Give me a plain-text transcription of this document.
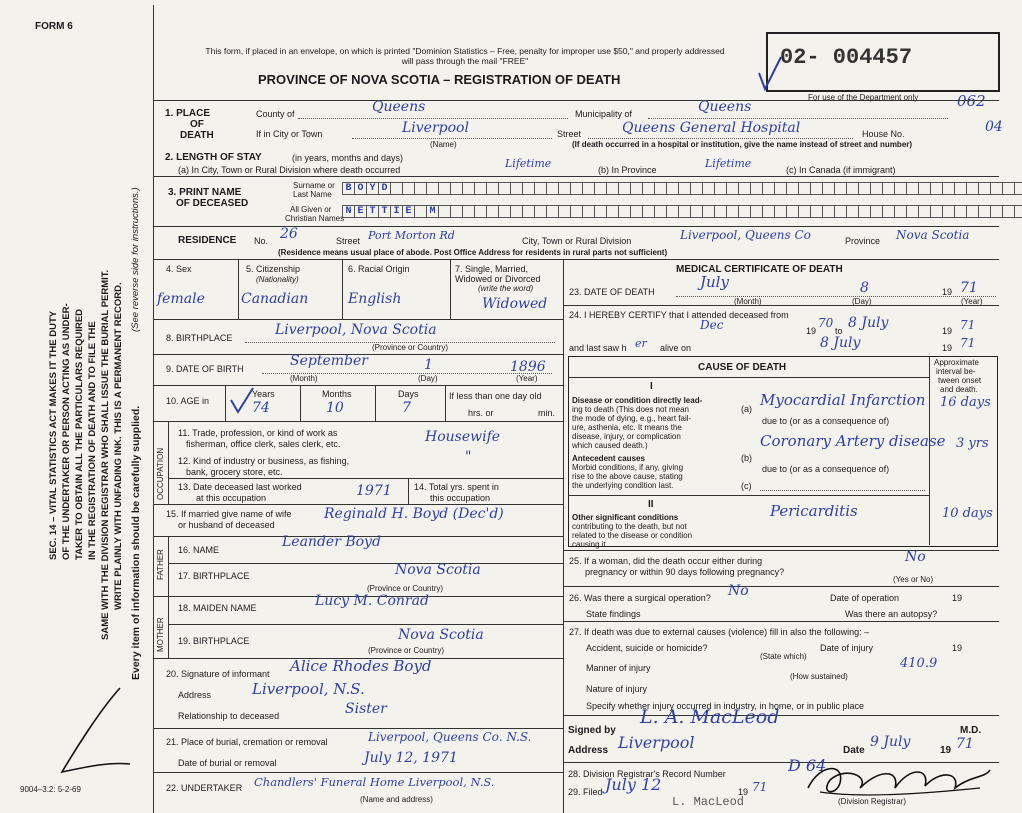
FORM 6
SEC. 14 – VITAL STATISTICS ACT MAKES IT THE DUTY OF THE UNDERTAKER OR PERSON ACTING AS UNDER- TAKER TO OBTAIN ALL THE PARTICULARS REQUIRED IN THE REGISTRATION OF DEATH AND TO FILE THE SAME WITH THE DIVISION REGISTRAR WHO SHALL ISSUE THE BURIAL PERMIT. WRITE PLAINLY WITH UNFADING INK. THIS IS A PERMANENT RECORD. Every item of information should be carefully supplied.
(See reverse side for instructions.)
9004–3.2: 5-2-69
This form, if placed in an envelope, on which is printed "Dominion Statistics – Free, penalty for improper use $50," and properly addressed will pass through the mail "FREE"
PROVINCE OF NOVA SCOTIA – REGISTRATION OF DEATH
02- 004457
For use of the Department only	062
04
1. PLACE
OF
DEATH
County of	Queens	Municipality of	Queens
If in City or Town	Liverpool
(Name)
Street	Queens General Hospital	House No.
(If death occurred in a hospital or institution, give the name instead of street and number)
2. LENGTH OF STAY	(in years, months and days)
(a) In City, Town or Rural Division where death occurred	Lifetime	(b) In Province	Lifetime	(c) In Canada (if immigrant)
3. PRINT NAME
OF DECEASED
Surname or
Last Name
All Given or
Christian Names
B O Y D
N E T T I E	M
RESIDENCE No. 26	Street Port Morton Rd	City, Town or Rural Division	Liverpool, Queens Co	Province Nova Scotia
(Residence means usual place of abode. Post Office Address for residents in rural parts not sufficient)
4. Sex
female
5. Citizenship
(Nationality)
Canadian
6. Racial Origin
English
7. Single, Married,
Widowed or Divorced
(write the word)
Widowed
8. BIRTHPLACE	Liverpool, Nova Scotia
(Province or Country)
9. DATE OF BIRTH	September	1	1896
(Month)	(Day)	(Year)
10. AGE in
Years	Months	Days
74	10	7
If less than one day old
hrs. or	min.
OCCUPATION
11. Trade, profession, or kind of work as
fisherman, office clerk, sales clerk, etc.	Housewife
12. Kind of industry or business, as fishing,
bank, grocery store, etc.
"
13. Date deceased last worked
at this occupation	1971 14. Total yrs. spent in
this occupation
15. If married give name of wife
or husband of deceased
Reginald H. Boyd (Dec'd)
FATHER 16. NAME	Leander Boyd
17. BIRTHPLACE	Nova Scotia
(Province or Country)
MOTHER
18. MAIDEN NAME	Lucy M. Conrad
19. BIRTHPLACE	Nova Scotia
(Province or Country)
20. Signature of informant Alice Rhodes Boyd
Address	Liverpool, N.S.
Relationship to deceased	Sister
21. Place of burial, cremation or removal	Liverpool, Queens Co. N.S.
Date of burial or removal	July 12, 1971
22. UNDERTAKER Chandlers' Funeral Home Liverpool, N.S.
(Name and address)
MEDICAL CERTIFICATE OF DEATH
23. DATE OF DEATH
July	8	19 71
(Month)	(Day)	(Year)
24. I HEREBY CERTIFY that I attended deceased from
Dec	19
70
to 8 July	19 71
and last saw h er alive on	8 July	19 71
CAUSE OF DEATH	Approximate
interval be-
tween onset
and death.
I
Disease or condition directly lead-
ing to death (This does not mean
the mode of dying, e.g., heart fail-
ure, asthenia, etc. It means the
disease, injury, or complication
which caused death.)
(a) Myocardial Infarction 16 days
due to (or as a consequence of)
Antecedent causes
Morbid conditions, if any, giving
rise to the above cause, stating
the underlying condition last.
(b)
Coronary Artery disease 3 yrs
due to (or as a consequence of)
(c)
II
Other significant conditions
contributing to the death, but not
related to the disease or condition
causing it.
Pericarditis	10 days
25. If a woman, did the death occur either during
pregnancy or within 90 days following pregnancy?
No
(Yes or No)
26. Was there a surgical operation? No	Date of operation	19
State findings	Was there an autopsy?
27. If death was due to external causes (violence) fill in also the following: –
Accident, suicide or homicide?
(State which)
Date of injury	19
Manner of injury	410.9
(How sustained)
Nature of injury
Specify whether injury occurred in industry, in home, or in public place
Signed by
L. A. MacLeod
M.D.
Address Liverpool	Date
9 July
19 71
28. Division Registrar's Record Number	D 64
29. Filed July 12	19 71
L. MacLeod	(Division Registrar)
